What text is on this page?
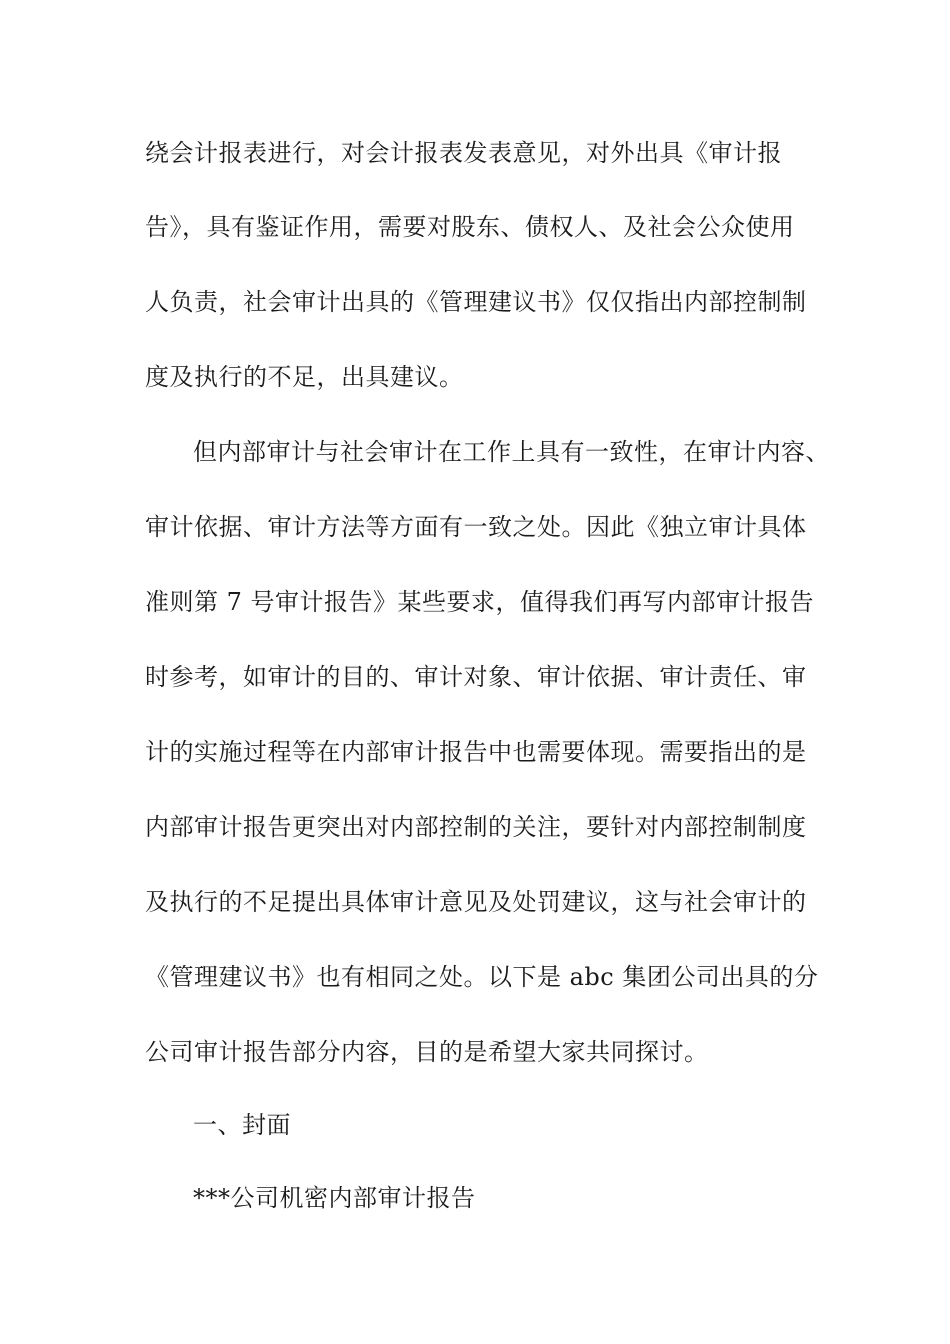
绕会计报表进行，对会计报表发表意见，对外出具《审计报
告》，具有鉴证作用，需要对股东、债权人、及社会公众使用
人负责，社会审计出具的《管理建议书》仅仅指出内部控制制
度及执行的不足，出具建议。
但内部审计与社会审计在工作上具有一致性，在审计内容、
审计依据、审计方法等方面有一致之处。因此《独立审计具体
准则第 7 号审计报告》某些要求，值得我们再写内部审计报告
时参考，如审计的目的、审计对象、审计依据、审计责任、审
计的实施过程等在内部审计报告中也需要体现。需要指出的是
内部审计报告更突出对内部控制的关注，要针对内部控制制度
及执行的不足提出具体审计意见及处罚建议，这与社会审计的
《管理建议书》也有相同之处。以下是 abc 集团公司出具的分
公司审计报告部分内容，目的是希望大家共同探讨。
一、封面
***公司机密内部审计报告
